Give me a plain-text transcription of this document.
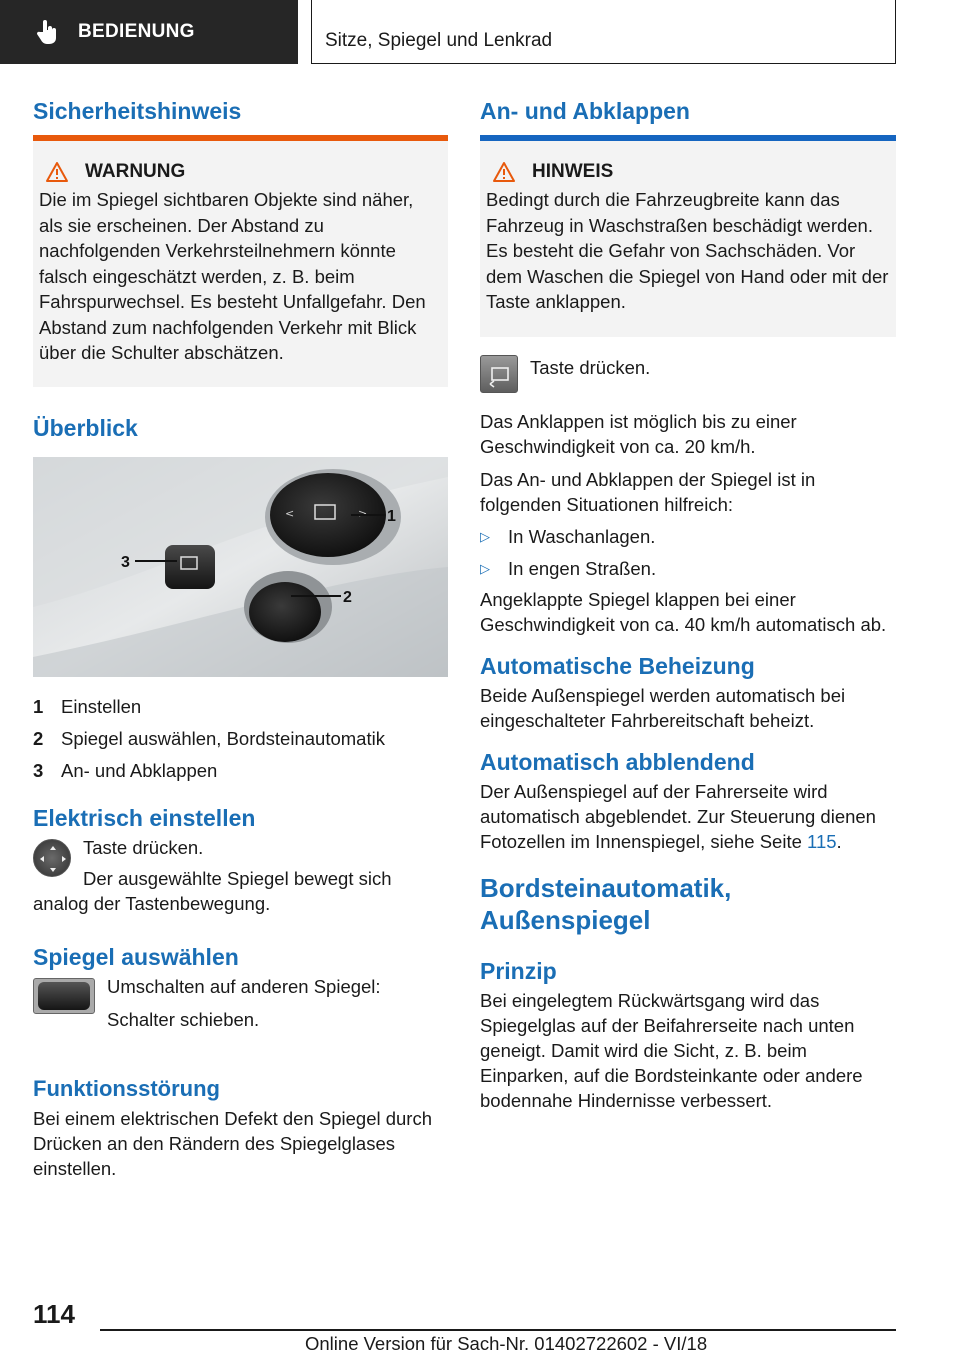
BEDIENUNG	Sitze, Spiegel und Lenkrad
Sicherheitshinweis
WARNUNG
Die im Spiegel sichtbaren Objekte sind näher, als sie erscheinen. Der Abstand zu nachfolgenden Verkehrsteilnehmern könnte falsch eingeschätzt werden, z. B. beim Fahrspurwechsel. Es besteht Unfallgefahr. Den Abstand zum nachfolgenden Verkehr mit Blick über die Schulter abschätzen.
Überblick
<	> 1
2
3
1 Einstellen
2 Spiegel auswählen, Bordsteinautomatik
3 An- und Abklappen
Elektrisch einstellen
Taste drücken.
Der ausgewählte Spiegel bewegt sich analog der Tastenbewegung.
Spiegel auswählen
Umschalten auf anderen Spiegel:
Schalter schieben.
Funktionsstörung
Bei einem elektrischen Defekt den Spiegel durch Drücken an den Rändern des Spiegelglases einstellen.
An- und Abklappen
HINWEIS
Bedingt durch die Fahrzeugbreite kann das Fahrzeug in Waschstraßen beschädigt werden. Es besteht die Gefahr von Sachschäden. Vor dem Waschen die Spiegel von Hand oder mit der Taste anklappen.
Taste drücken.
Das Anklappen ist möglich bis zu einer Geschwindigkeit von ca. 20 km/h.
Das An- und Abklappen der Spiegel ist in folgenden Situationen hilfreich:
▷ In Waschanlagen.
▷ In engen Straßen.
Angeklappte Spiegel klappen bei einer Geschwindigkeit von ca. 40 km/h automatisch ab.
Automatische Beheizung
Beide Außenspiegel werden automatisch bei eingeschalteter Fahrbereitschaft beheizt.
Automatisch abblendend
Der Außenspiegel auf der Fahrerseite wird automatisch abgeblendet. Zur Steuerung dienen Fotozellen im Innenspiegel, siehe Seite 115.
Bordsteinautomatik,
Außenspiegel
Prinzip
Bei eingelegtem Rückwärtsgang wird das Spiegelglas auf der Beifahrerseite nach unten geneigt. Damit wird die Sicht, z. B. beim Einparken, auf die Bordsteinkante oder andere bodennahe Hindernisse verbessert.
114
Online Version für Sach-Nr. 01402722602 - VI/18
